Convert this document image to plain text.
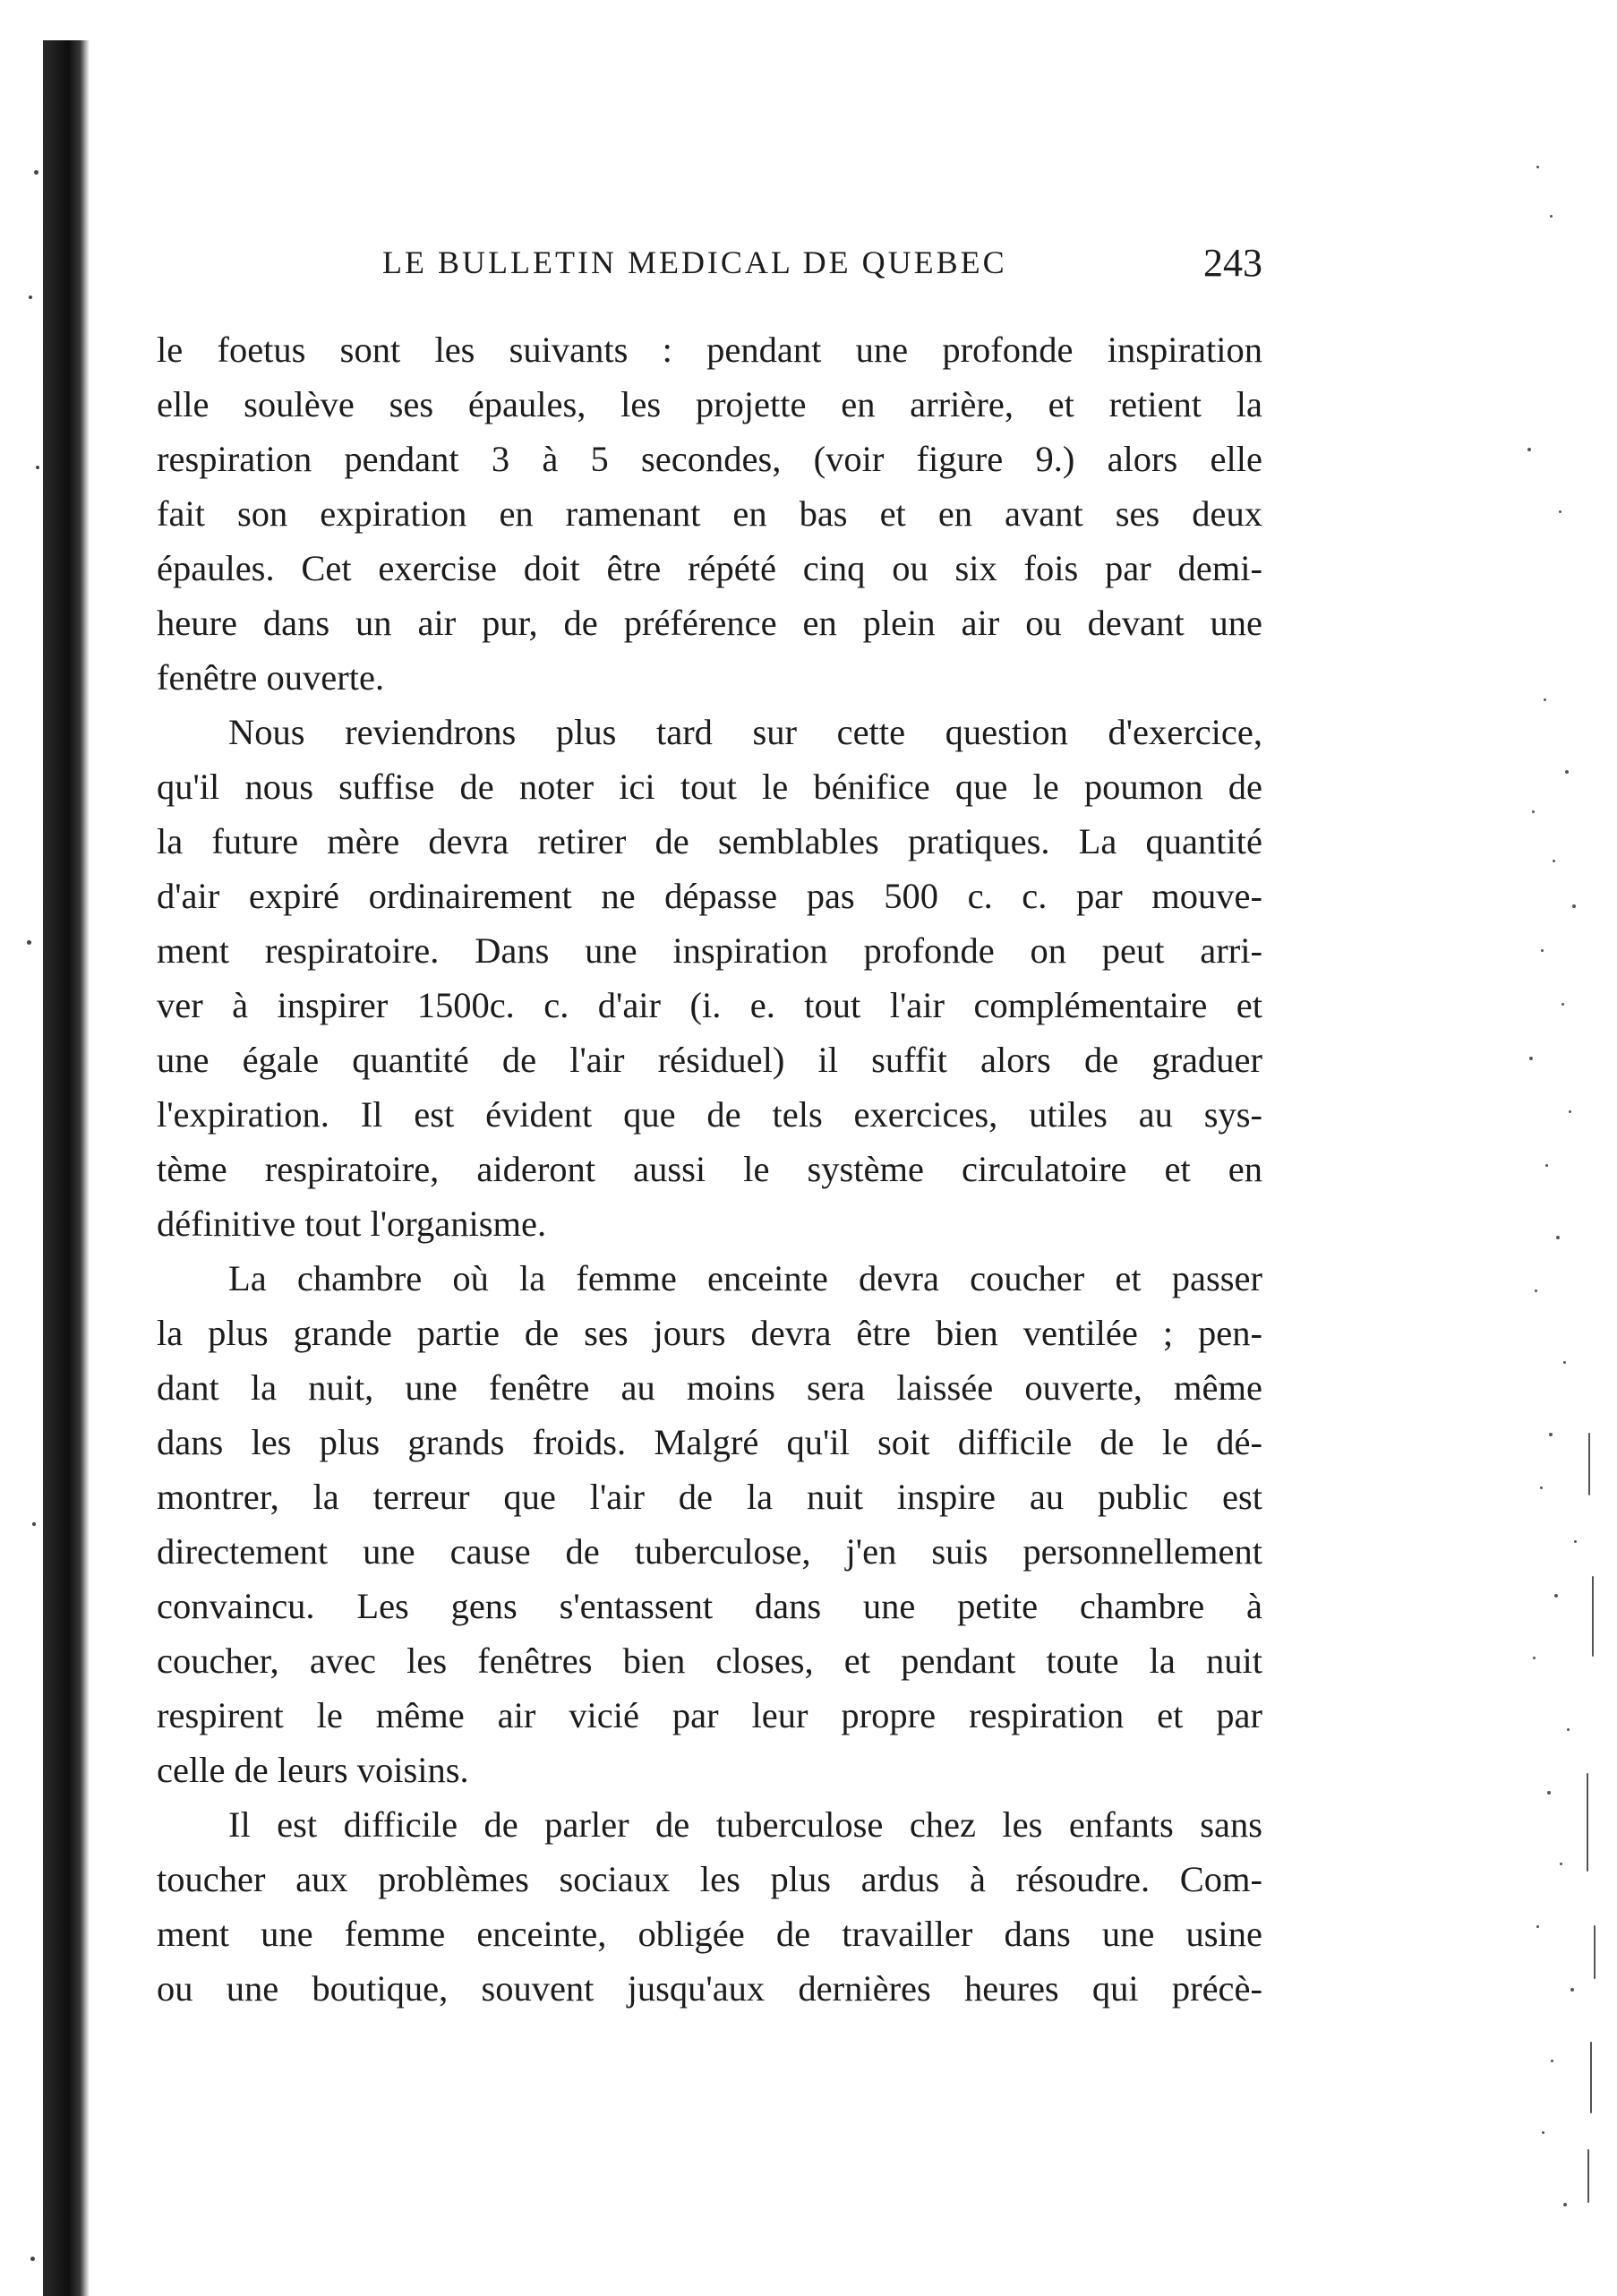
LE BULLETIN MEDICAL DE QUEBEC	243
le foetus sont les suivants : pendant une profonde inspiration
elle soulève ses épaules, les projette en arrière, et retient la
respiration pendant 3 à 5 secondes, (voir figure 9.) alors elle
fait son expiration en ramenant en bas et en avant ses deux
épaules. Cet exercise doit être répété cinq ou six fois par demi-
heure dans un air pur, de préférence en plein air ou devant une
fenêtre ouverte.
Nous reviendrons plus tard sur cette question d'exercice,
qu'il nous suffise de noter ici tout le bénifice que le poumon de
la future mère devra retirer de semblables pratiques. La quantité
d'air expiré ordinairement ne dépasse pas 500 c. c. par mouve-
ment respiratoire. Dans une inspiration profonde on peut arri-
ver à inspirer 1500c. c. d'air (i. e. tout l'air complémentaire et
une égale quantité de l'air résiduel) il suffit alors de graduer
l'expiration. Il est évident que de tels exercices, utiles au sys-
tème respiratoire, aideront aussi le système circulatoire et en
définitive tout l'organisme.
La chambre où la femme enceinte devra coucher et passer
la plus grande partie de ses jours devra être bien ventilée ; pen-
dant la nuit, une fenêtre au moins sera laissée ouverte, même
dans les plus grands froids. Malgré qu'il soit difficile de le dé-
montrer, la terreur que l'air de la nuit inspire au public est
directement une cause de tuberculose, j'en suis personnellement
convaincu. Les gens s'entassent dans une petite chambre à
coucher, avec les fenêtres bien closes, et pendant toute la nuit
respirent le même air vicié par leur propre respiration et par
celle de leurs voisins.
Il est difficile de parler de tuberculose chez les enfants sans
toucher aux problèmes sociaux les plus ardus à résoudre. Com-
ment une femme enceinte, obligée de travailler dans une usine
ou une boutique, souvent jusqu'aux dernières heures qui précè-
